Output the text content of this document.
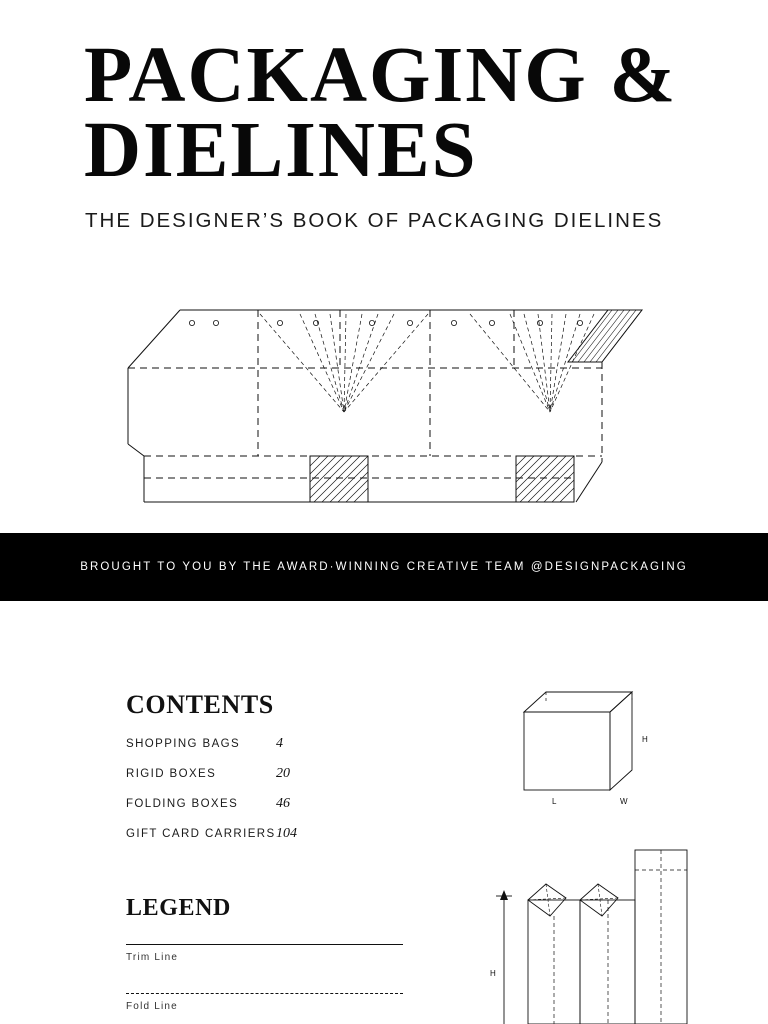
PACKAGING &
DIELINES
THE DESIGNER’S BOOK OF PACKAGING DIELINES
BROUGHT TO YOU BY THE AWARD·WINNING CREATIVE TEAM @DESIGNPACKAGING
CONTENTS
SHOPPING BAGS	4
RIGID BOXES	20
FOLDING BOXES	46
GIFT CARD CARRIERS 104
LEGEND
Trim Line
Fold Line
H
L	W
H
